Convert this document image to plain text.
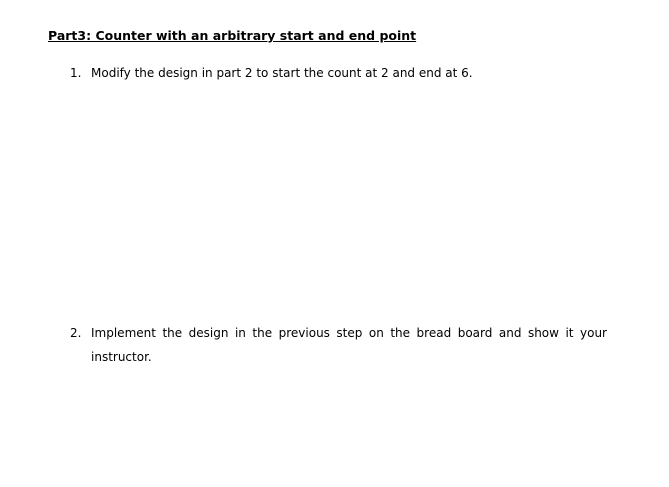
Part3: Counter with an arbitrary start and end point
1. Modify the design in part 2 to start the count at 2 and end at 6.
2. Implement the design in the previous step on the bread board and show it your instructor.
